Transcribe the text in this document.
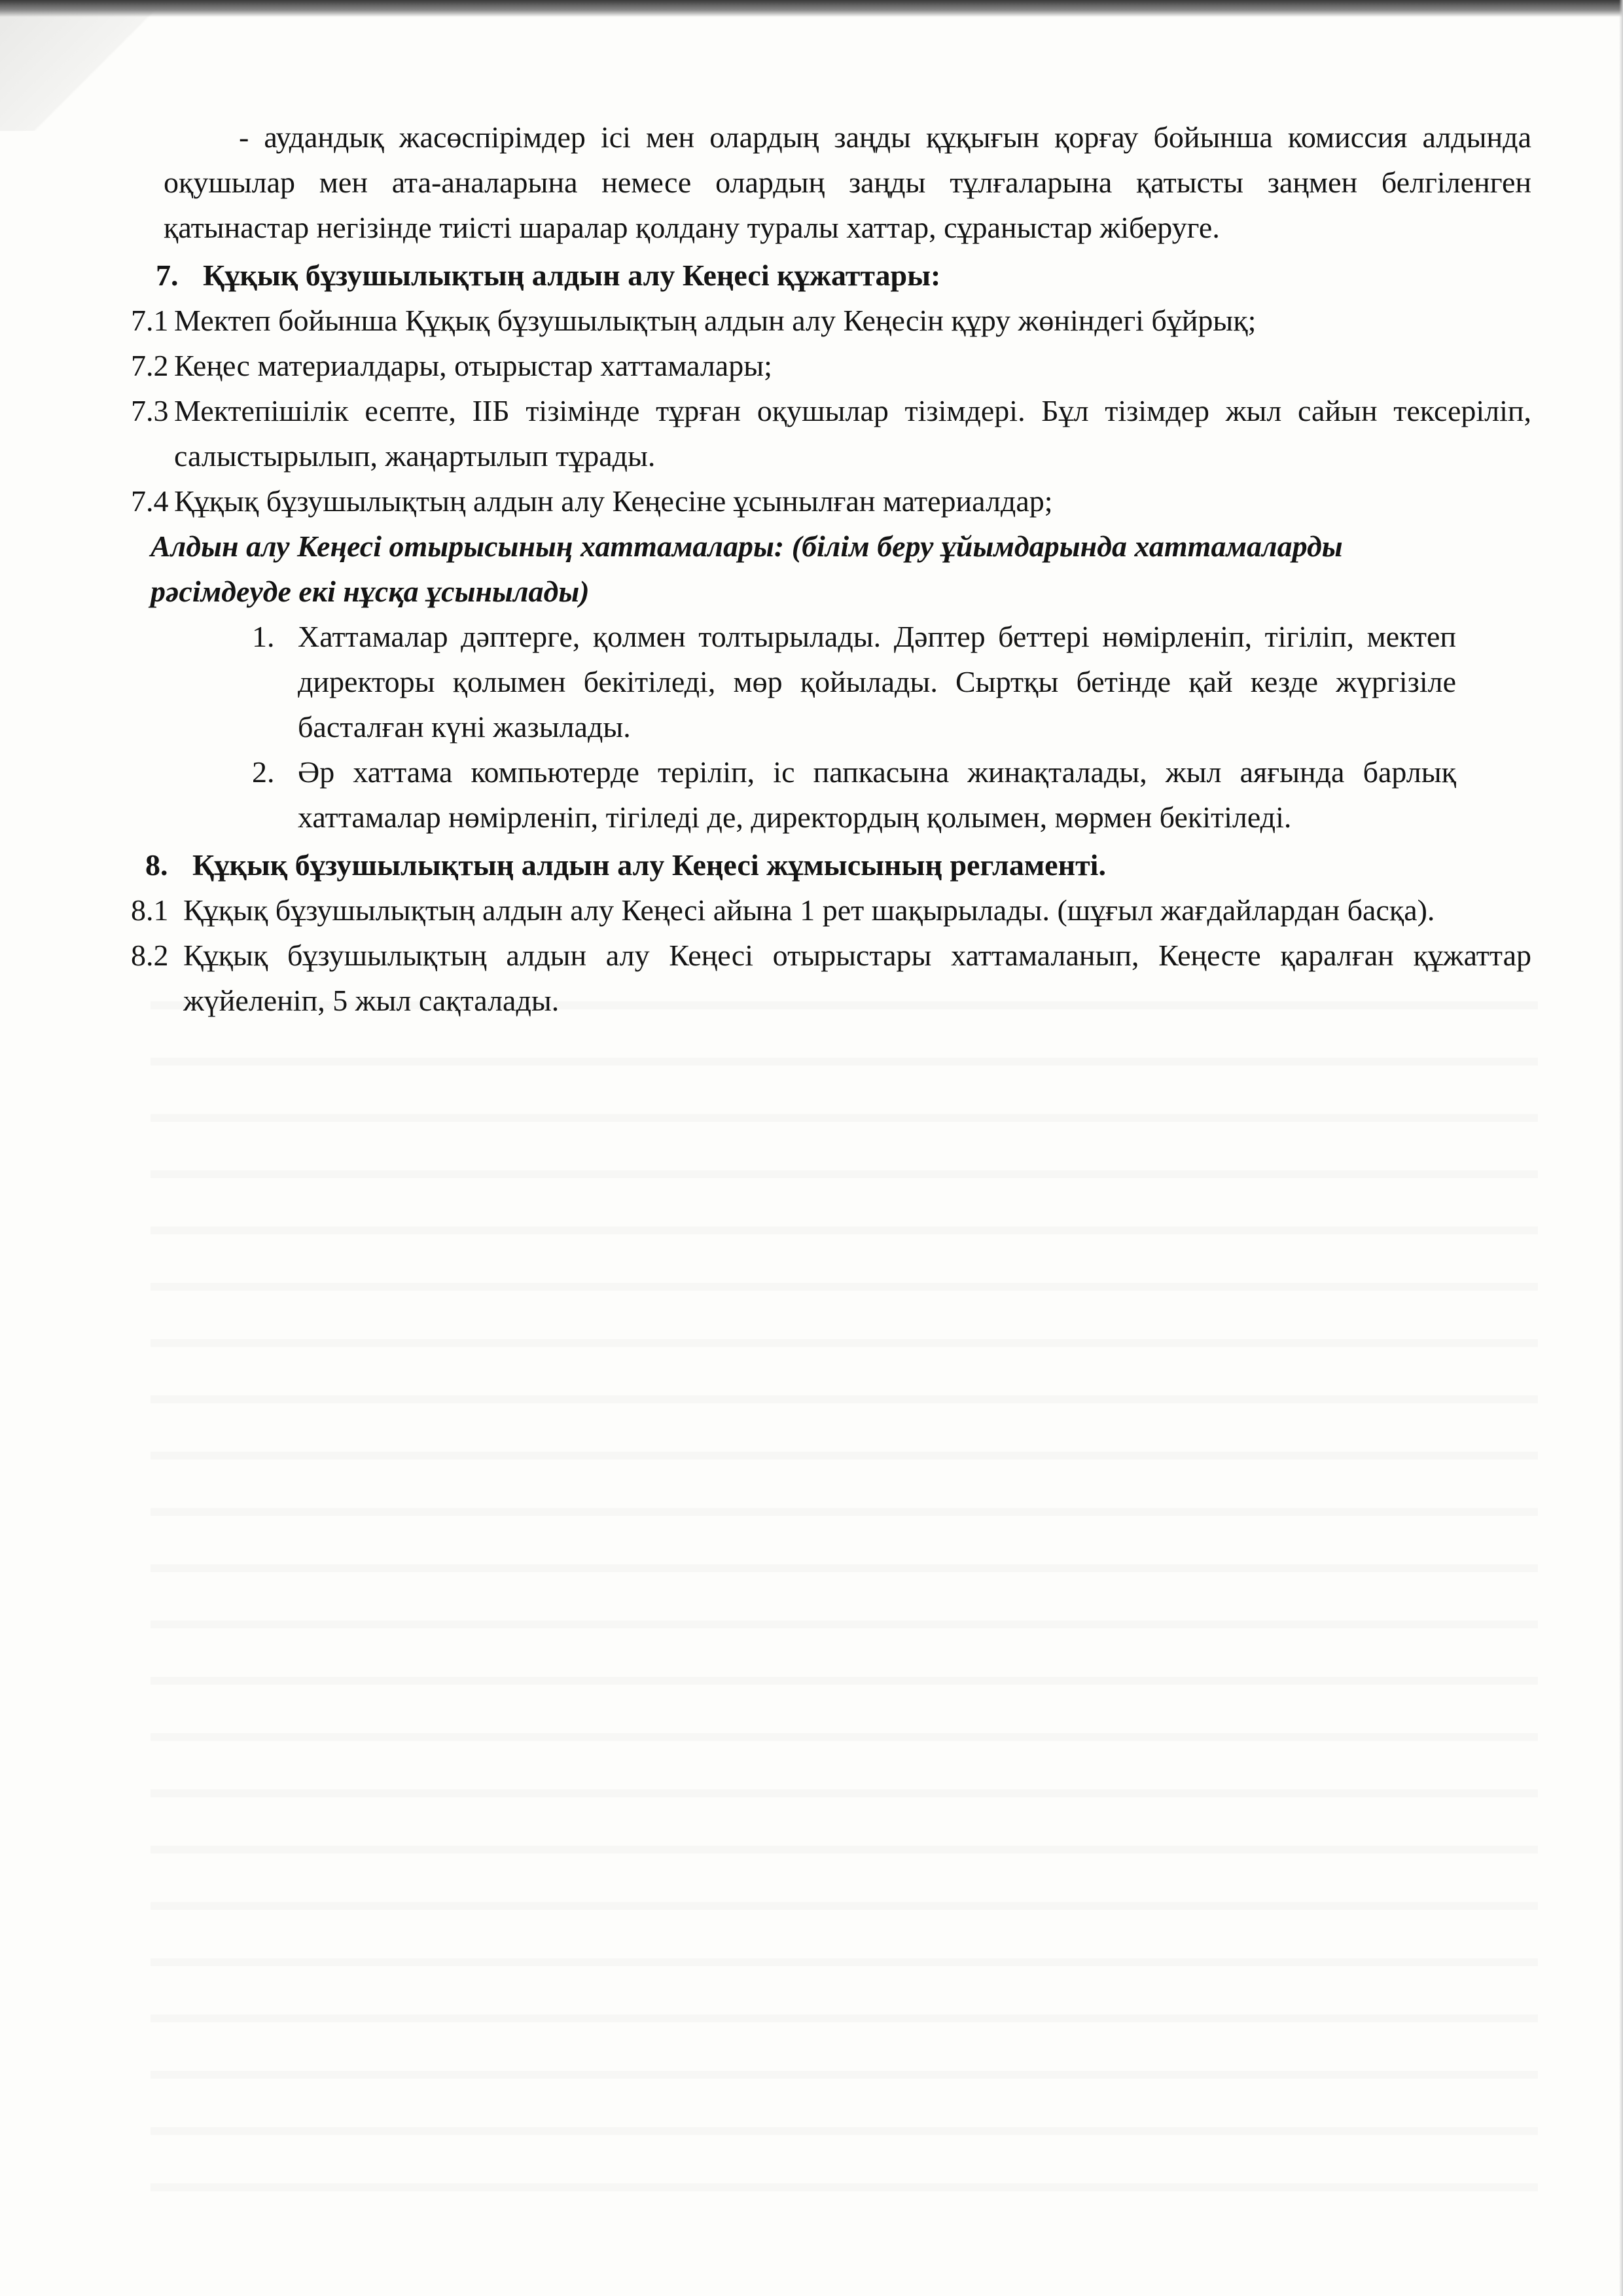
- аудандық жасөспірімдер ісі мен олардың заңды құқығын қорғау бойынша комиссия алдында оқушылар мен ата-аналарына немесе олардың заңды тұлғаларына қатысты заңмен белгіленген қатынастар негізінде тиісті шаралар қолдану туралы хаттар, сұраныстар жіберуге.

7. Құқық бұзушылықтың алдын алу Кеңесі құжаттары:
7.1 Мектеп бойынша Құқық бұзушылықтың алдын алу Кеңесін құру жөніндегі бұйрық;
7.2 Кеңес материалдары, отырыстар хаттамалары;
7.3 Мектепішілік есепте, ІІБ тізімінде тұрған оқушылар тізімдері. Бұл тізімдер жыл сайын тексеріліп, салыстырылып, жаңартылып тұрады.
7.4 Құқық бұзушылықтың алдын алу Кеңесіне ұсынылған материалдар;

Алдын алу Кеңесі отырысының хаттамалары: (білім беру ұйымдарында хаттамаларды рәсімдеуде екі нұсқа ұсынылады)

1. Хаттамалар дәптерге, қолмен толтырылады. Дәптер беттері нөмірленіп, тігіліп, мектеп директоры қолымен бекітіледі, мөр қойылады. Сыртқы бетінде қай кезде жүргізіле басталған күні жазылады.
2. Әр хаттама компьютерде теріліп, іс папкасына жинақталады, жыл аяғында барлық хаттамалар нөмірленіп, тігіледі де, директордың қолымен, мөрмен бекітіледі.
8. Құқық бұзушылықтың алдын алу Кеңесі жұмысының регламенті.
8.1 Құқық бұзушылықтың алдын алу Кеңесі айына 1 рет шақырылады. (шұғыл жағдайлардан басқа).
8.2 Құқық бұзушылықтың алдын алу Кеңесі отырыстары хаттамаланып, Кеңесте қаралған құжаттар жүйеленіп, 5 жыл сақталады.
